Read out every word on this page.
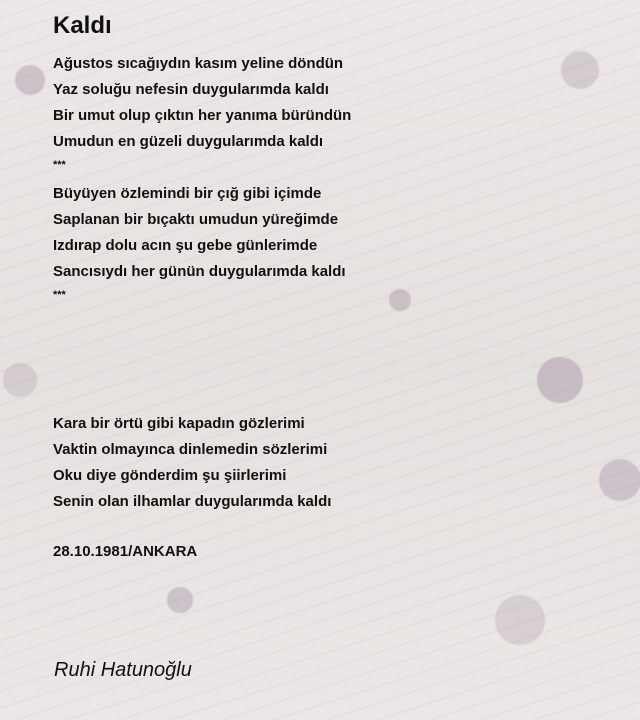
Kaldı
Ağustos sıcağıydın kasım yeline döndün
Yaz soluğu nefesin duygularımda kaldı
Bir umut olup çıktın her yanıma büründün
Umudun en güzeli duygularımda kaldı
***
Büyüyen özlemindi bir çığ gibi içimde
Saplanan bir bıçaktı umudun yüreğimde
Izdırap dolu acın şu gebe günlerimde
Sancısıydı her günün duygularımda kaldı
***
Kara bir örtü gibi kapadın gözlerimi
Vaktin olmayınca dinlemedin sözlerimi
Oku diye gönderdim şu şiirlerimi
Senin olan ilhamlar duygularımda kaldı
28.10.1981/ANKARA
Ruhi Hatunoğlu
